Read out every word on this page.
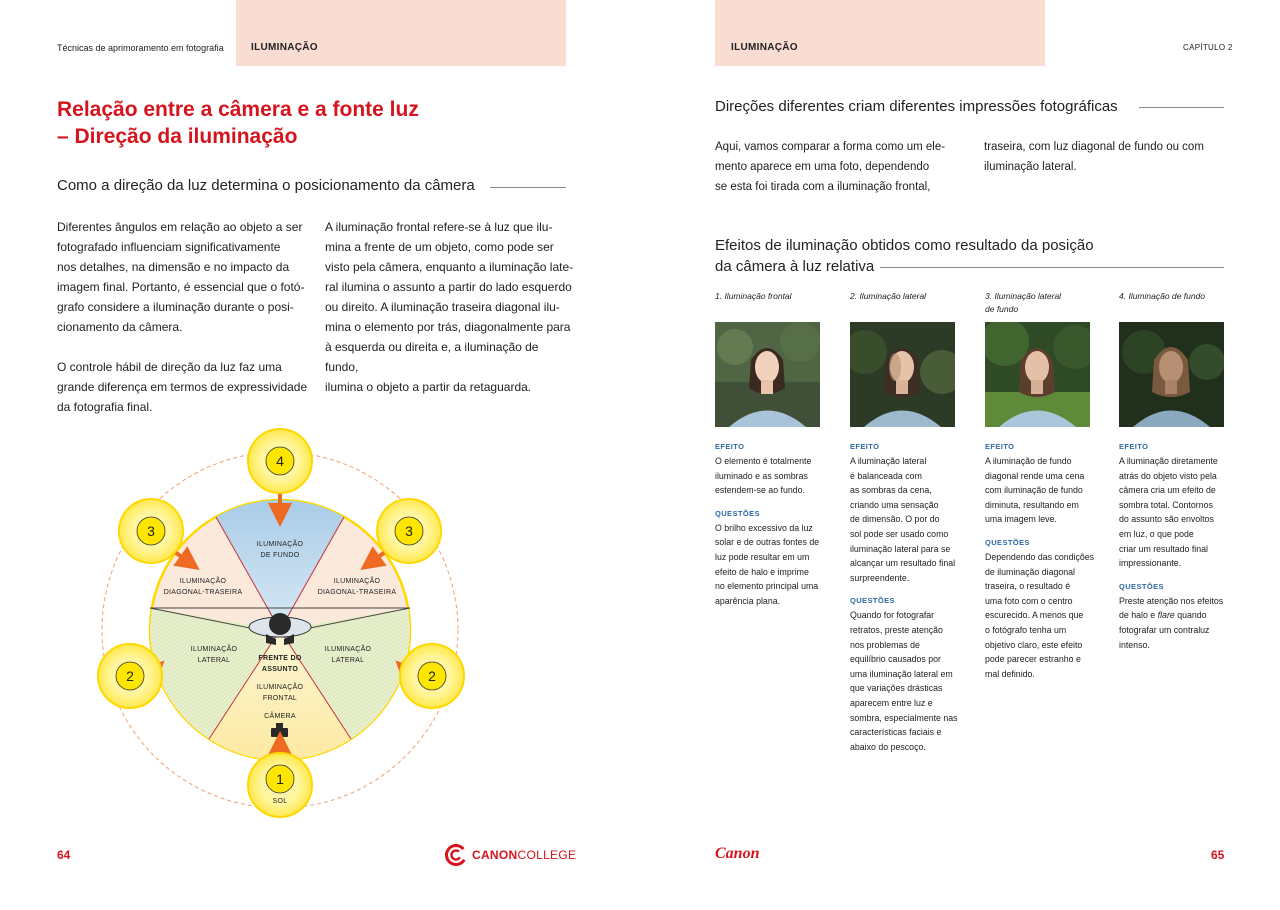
Técnicas de aprimoramento em fotografia	ILUMINAÇÃO
Relação entre a câmera e a fonte luz
– Direção da iluminação
Como a direção da luz determina o posicionamento da câmera
Diferentes ângulos em relação ao objeto a ser
fotografado influenciam significativamente
nos detalhes, na dimensão e no impacto da
imagem final. Portanto, é essencial que o fotó-
grafo considere a iluminação durante o posi-
cionamento da câmera.
O controle hábil de direção da luz faz uma
grande diferença em termos de expressividade
da fotografia final.
A iluminação frontal refere-se à luz que ilu-
mina a frente de um objeto, como pode ser
visto pela câmera, enquanto a iluminação late-
ral ilumina o assunto a partir do lado esquerdo
ou direito. A iluminação traseira diagonal ilu-
mina o elemento por trás, diagonalmente para
à esquerda ou direita e, a iluminação de fundo,
ilumina o objeto a partir da retaguarda.
ILUMINAÇÃO
DE FUNDO
ILUMINAÇÃO
DIAGONAL-TRASEIRA
ILUMINAÇÃO
DIAGONAL-TRASEIRA
ILUMINAÇÃO
LATERAL
ILUMINAÇÃO
LATERAL
FRENTE DO
ASSUNTO
ILUMINAÇÃO
FRONTAL
CÂMERA
4
3	3
2	2
1
SOL
64	CANON COLLEGE
ILUMINAÇÃO	CAPÍTULO 2
Direções diferentes criam diferentes impressões fotográficas
Aqui, vamos comparar a forma como um ele-
mento aparece em uma foto, dependendo
se esta foi tirada com a iluminação frontal,
traseira, com luz diagonal de fundo ou com
iluminação lateral.
Efeitos de iluminação obtidos como resultado da posição
da câmera à luz relativa
1. Iluminação frontal
EFEITO
O elemento é totalmente
iluminado e as sombras
estendem-se ao fundo.
QUESTÕES
O brilho excessivo da luz
solar e de outras fontes de
luz pode resultar em um
efeito de halo e imprime
no elemento principal uma
aparência plana.
2. Iluminação lateral
EFEITO
A iluminação lateral
é balanceada com
as sombras da cena,
criando uma sensação
de dimensão. O por do
sol pode ser usado como
iluminação lateral para se
alcançar um resultado final
surpreendente.
QUESTÕES
Quando for fotografar
retratos, preste atenção
nos problemas de
equilíbrio causados por
uma iluminação lateral em
que variações drásticas
aparecem entre luz e
sombra, especialmente nas
características faciais e
abaixo do pescoço.
3. Iluminação lateral
de fundo
EFEITO
A iluminação de fundo
diagonal rende uma cena
com iluminação de fundo
diminuta, resultando em
uma imagem leve.
QUESTÕES
Dependendo das condições
de iluminação diagonal
traseira, o resultado é
uma foto com o centro
escurecido. A menos que
o fotógrafo tenha um
objetivo claro, este efeito
pode parecer estranho e
mal definido.
4. Iluminação de fundo
EFEITO
A iluminação diretamente
atrás do objeto visto pela
câmera cria um efeito de
sombra total. Contornos
do assunto são envoltos
em luz, o que pode
criar um resultado final
impressionante.
QUESTÕES
Preste atenção nos efeitos
de halo e flare quando
fotografar um contraluz
intenso.
Canon	65
